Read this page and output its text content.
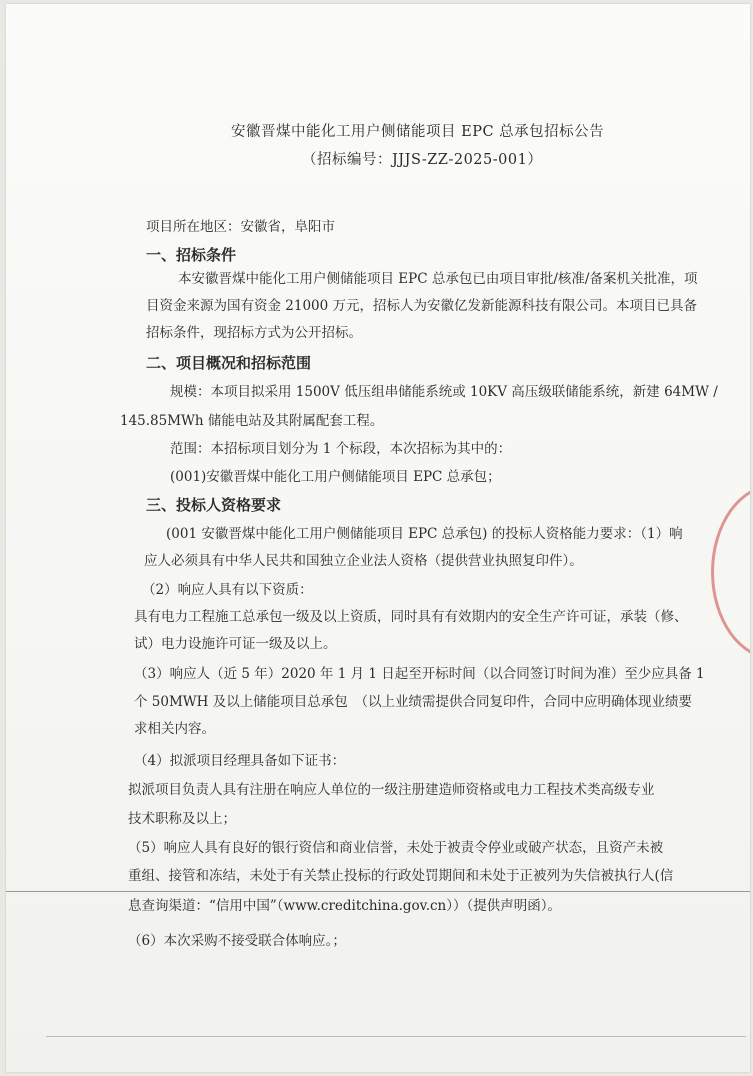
安徽晋煤中能化工用户侧储能项目 EPC 总承包招标公告
（招标编号：JJJS-ZZ-2025-001）
项目所在地区：安徽省，阜阳市
一、招标条件
本安徽晋煤中能化工用户侧储能项目 EPC 总承包已由项目审批/核准/备案机关批准，项
目资金来源为国有资金 21000 万元，招标人为安徽亿发新能源科技有限公司。本项目已具备
招标条件，现招标方式为公开招标。
二、项目概况和招标范围
规模：本项目拟采用 1500V 低压组串储能系统或 10KV 高压级联储能系统，新建 64MW /
145.85MWh 储能电站及其附属配套工程。
范围：本招标项目划分为 1 个标段，本次招标为其中的：
(001)安徽晋煤中能化工用户侧储能项目 EPC 总承包；
三、投标人资格要求
(001 安徽晋煤中能化工用户侧储能项目 EPC 总承包) 的投标人资格能力要求：（1）响
应人必须具有中华人民共和国独立企业法人资格（提供营业执照复印件）。
（2）响应人具有以下资质：
具有电力工程施工总承包一级及以上资质，同时具有有效期内的安全生产许可证，承装（修、
试）电力设施许可证一级及以上。
（3）响应人（近 5 年）2020 年 1 月 1 日起至开标时间（以合同签订时间为准）至少应具备 1
个 50MWH 及以上储能项目总承包　（以上业绩需提供合同复印件，合同中应明确体现业绩要
求相关内容。
（4）拟派项目经理具备如下证书：
拟派项目负责人具有注册在响应人单位的一级注册建造师资格或电力工程技术类高级专业
技术职称及以上；
（5）响应人具有良好的银行资信和商业信誉，未处于被责令停业或破产状态，且资产未被
重组、接管和冻结，未处于有关禁止投标的行政处罚期间和未处于正被列为失信被执行人(信
息查询渠道：“信用中国”（www.creditchina.gov.cn））（提供声明函）。
（6）本次采购不接受联合体响应。；
